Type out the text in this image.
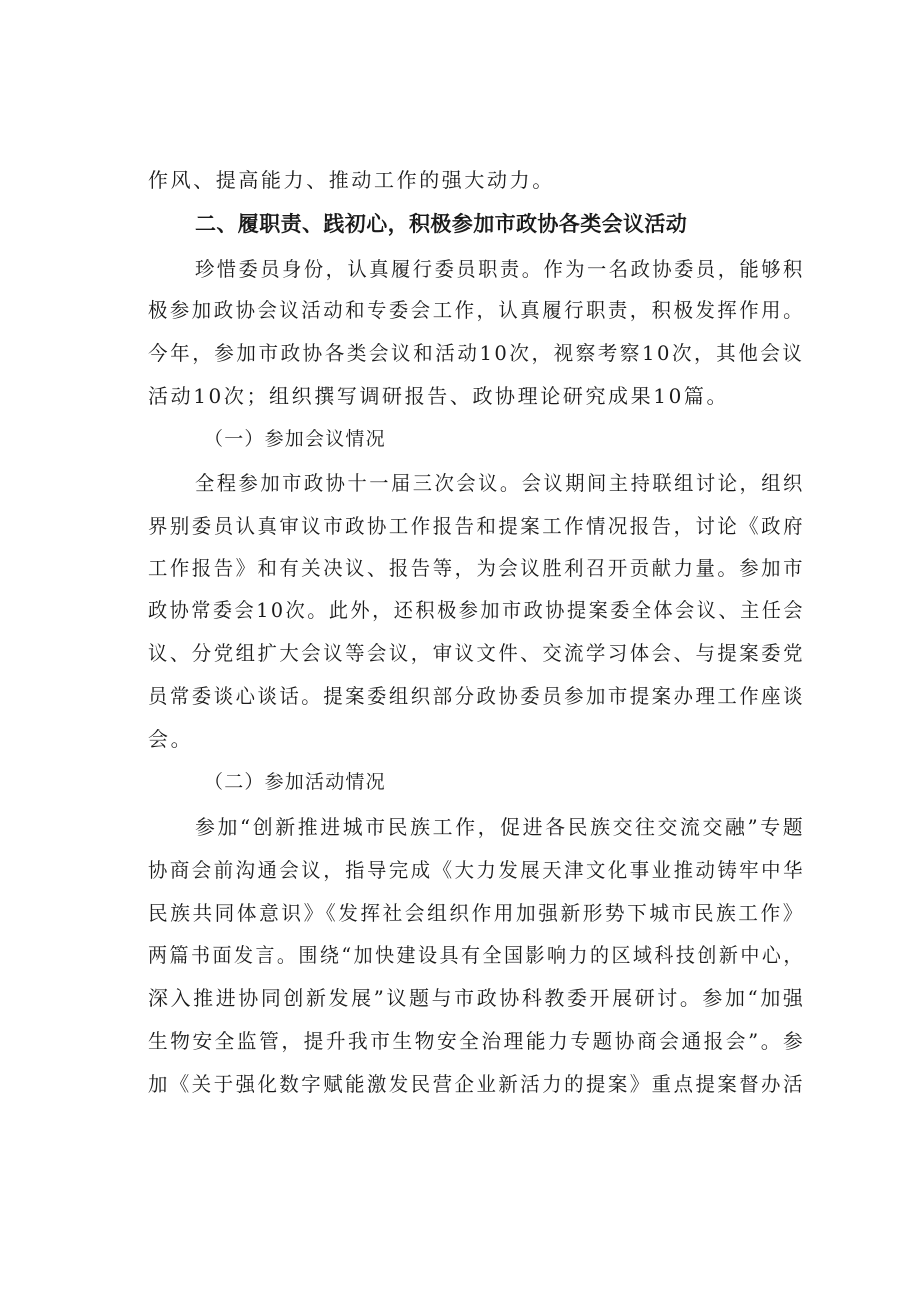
作风、提高能力、推动工作的强大动力。
二、履职责、践初心，积极参加市政协各类会议活动
珍惜委员身份，认真履行委员职责。作为一名政协委员，能够积
极参加政协会议活动和专委会工作，认真履行职责，积极发挥作用。
今年，参加市政协各类会议和活动10次，视察考察10次，其他会议
活动10次；组织撰写调研报告、政协理论研究成果10篇。
（一）参加会议情况
全程参加市政协十一届三次会议。会议期间主持联组讨论，组织
界别委员认真审议市政协工作报告和提案工作情况报告，讨论《政府
工作报告》和有关决议、报告等，为会议胜利召开贡献力量。参加市
政协常委会10次。此外，还积极参加市政协提案委全体会议、主任会
议、分党组扩大会议等会议，审议文件、交流学习体会、与提案委党
员常委谈心谈话。提案委组织部分政协委员参加市提案办理工作座谈
会。
（二）参加活动情况
参加“创新推进城市民族工作，促进各民族交往交流交融”专题
协商会前沟通会议，指导完成《大力发展天津文化事业推动铸牢中华
民族共同体意识》《发挥社会组织作用加强新形势下城市民族工作》
两篇书面发言。围绕“加快建设具有全国影响力的区域科技创新中心，
深入推进协同创新发展”议题与市政协科教委开展研讨。参加“加强
生物安全监管，提升我市生物安全治理能力专题协商会通报会”。参
加《关于强化数字赋能激发民营企业新活力的提案》重点提案督办活
